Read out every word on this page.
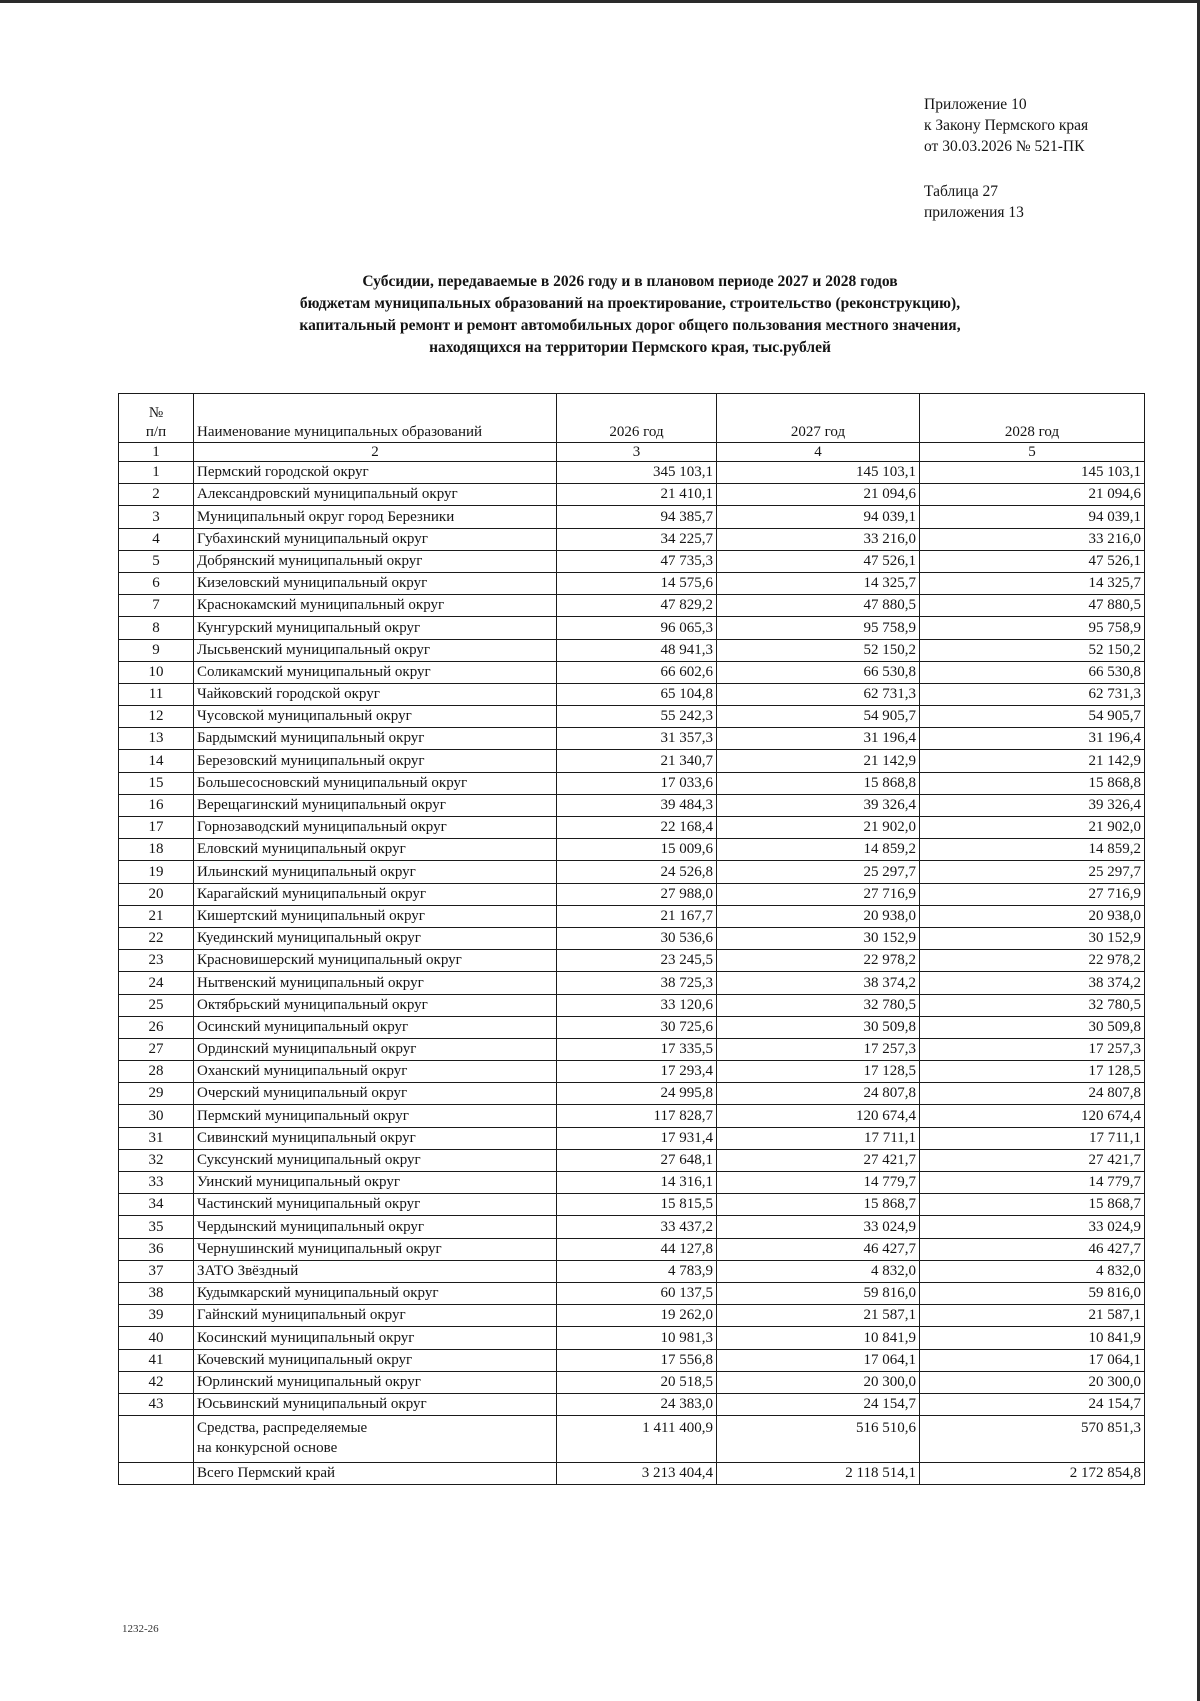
Приложение 10
к Закону Пермского края
от 30.03.2026 № 521-ПК
Таблица 27
приложения 13
Субсидии, передаваемые в 2026 году и в плановом периоде 2027 и 2028 годов
бюджетам муниципальных образований на проектирование, строительство (реконструкцию),
капитальный ремонт и ремонт автомобильных дорог общего пользования местного значения,
находящихся на территории Пермского края, тыс.рублей
№
п/п	Наименование муниципальных образований	2026 год	2027 год	2028 год
1	2	3	4	5
1	Пермский городской округ	345 103,1	145 103,1	145 103,1
2	Александровский муниципальный округ	21 410,1	21 094,6	21 094,6
3	Муниципальный округ город Березники	94 385,7	94 039,1	94 039,1
4	Губахинский муниципальный округ	34 225,7	33 216,0	33 216,0
5	Добрянский муниципальный округ	47 735,3	47 526,1	47 526,1
6	Кизеловский муниципальный округ	14 575,6	14 325,7	14 325,7
7	Краснокамский муниципальный округ	47 829,2	47 880,5	47 880,5
8	Кунгурский муниципальный округ	96 065,3	95 758,9	95 758,9
9	Лысьвенский муниципальный округ	48 941,3	52 150,2	52 150,2
10	Соликамский муниципальный округ	66 602,6	66 530,8	66 530,8
11	Чайковский городской округ	65 104,8	62 731,3	62 731,3
12	Чусовской муниципальный округ	55 242,3	54 905,7	54 905,7
13	Бардымский муниципальный округ	31 357,3	31 196,4	31 196,4
14	Березовский муниципальный округ	21 340,7	21 142,9	21 142,9
15	Большесосновский муниципальный округ	17 033,6	15 868,8	15 868,8
16	Верещагинский муниципальный округ	39 484,3	39 326,4	39 326,4
17	Горнозаводский муниципальный округ	22 168,4	21 902,0	21 902,0
18	Еловский муниципальный округ	15 009,6	14 859,2	14 859,2
19	Ильинский муниципальный округ	24 526,8	25 297,7	25 297,7
20	Карагайский муниципальный округ	27 988,0	27 716,9	27 716,9
21	Кишертский муниципальный округ	21 167,7	20 938,0	20 938,0
22	Куединский муниципальный округ	30 536,6	30 152,9	30 152,9
23	Красновишерский муниципальный округ	23 245,5	22 978,2	22 978,2
24	Нытвенский муниципальный округ	38 725,3	38 374,2	38 374,2
25	Октябрьский муниципальный округ	33 120,6	32 780,5	32 780,5
26	Осинский муниципальный округ	30 725,6	30 509,8	30 509,8
27	Ординский муниципальный округ	17 335,5	17 257,3	17 257,3
28	Оханский муниципальный округ	17 293,4	17 128,5	17 128,5
29	Очерский муниципальный округ	24 995,8	24 807,8	24 807,8
30	Пермский муниципальный округ	117 828,7	120 674,4	120 674,4
31	Сивинский муниципальный округ	17 931,4	17 711,1	17 711,1
32	Суксунский муниципальный округ	27 648,1	27 421,7	27 421,7
33	Уинский муниципальный округ	14 316,1	14 779,7	14 779,7
34	Частинский муниципальный округ	15 815,5	15 868,7	15 868,7
35	Чердынский муниципальный округ	33 437,2	33 024,9	33 024,9
36	Чернушинский муниципальный округ	44 127,8	46 427,7	46 427,7
37	ЗАТО Звёздный	4 783,9	4 832,0	4 832,0
38	Кудымкарский муниципальный округ	60 137,5	59 816,0	59 816,0
39	Гайнский муниципальный округ	19 262,0	21 587,1	21 587,1
40	Косинский муниципальный округ	10 981,3	10 841,9	10 841,9
41	Кочевский муниципальный округ	17 556,8	17 064,1	17 064,1
42	Юрлинский муниципальный округ	20 518,5	20 300,0	20 300,0
43	Юсьвинский муниципальный округ	24 383,0	24 154,7	24 154,7

	Средства, распределяемые
на конкурсной основе	1 411 400,9	516 510,6	570 851,3
	Всего Пермский край	3 213 404,4	2 118 514,1	2 172 854,8
1232-26
